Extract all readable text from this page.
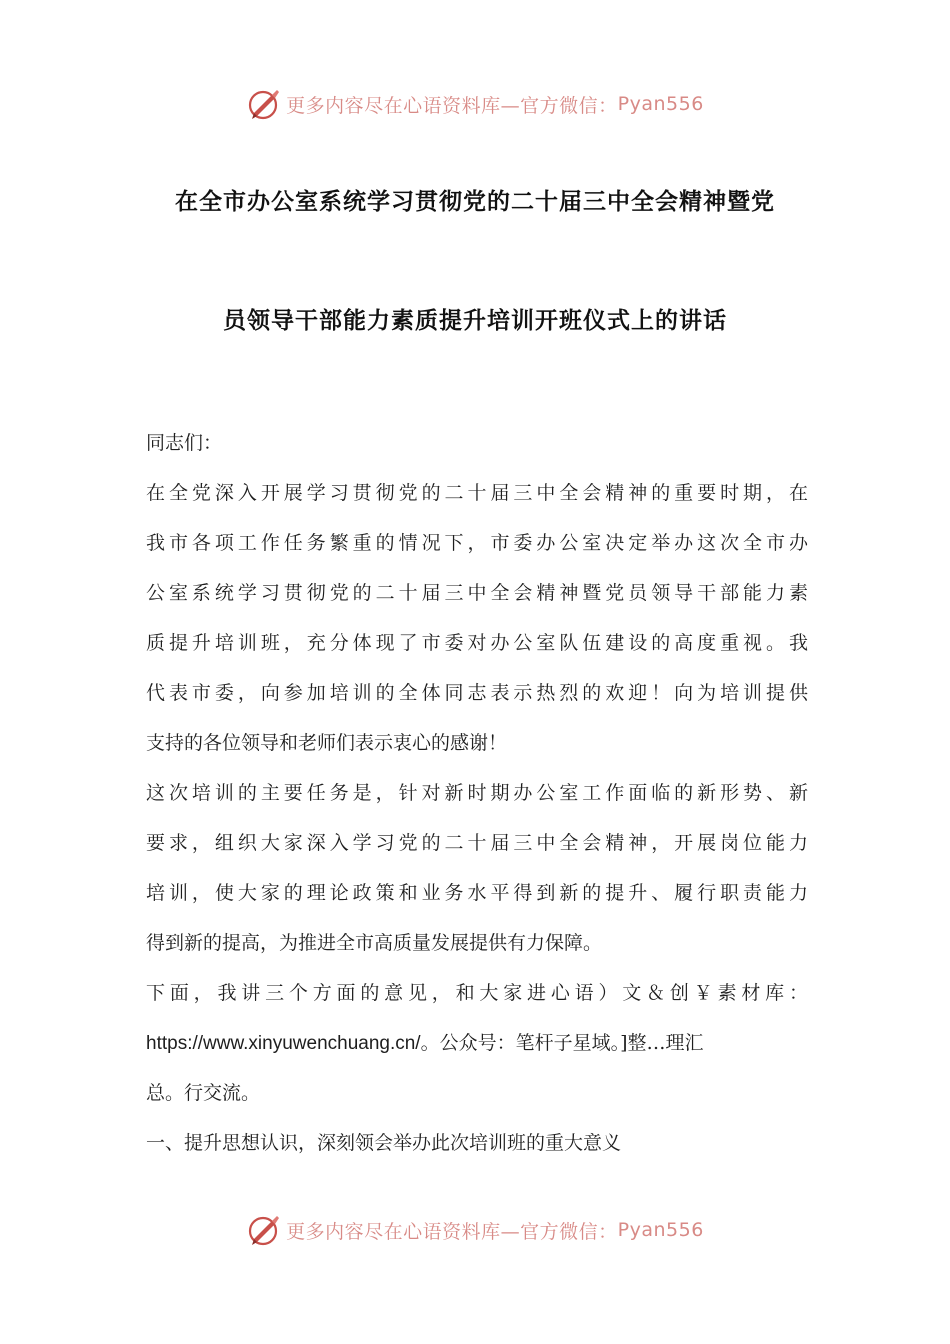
更多内容尽在心语资料库—官方微信： Pyan556
在全市办公室系统学习贯彻党的二十届三中全会精神暨党
员领导干部能力素质提升培训开班仪式上的讲话
同志们：
在全党深入开展学习贯彻党的二十届三中全会精神的重要时期，在
我市各项工作任务繁重的情况下，市委办公室决定举办这次全市办
公室系统学习贯彻党的二十届三中全会精神暨党员领导干部能力素
质提升培训班，充分体现了市委对办公室队伍建设的高度重视。我
代表市委，向参加培训的全体同志表示热烈的欢迎！向为培训提供
支持的各位领导和老师们表示衷心的感谢！
这次培训的主要任务是，针对新时期办公室工作面临的新形势、新
要求，组织大家深入学习党的二十届三中全会精神，开展岗位能力
培训，使大家的理论政策和业务水平得到新的提升、履行职责能力
得到新的提高，为推进全市高质量发展提供有力保障。
下面，我讲三个方面的意见，和大家进心语）文＆创￥素材库：
https://www.xinyuwenchuang.cn/。公众号：笔杆子星域。]整…理汇
总。行交流。
一、提升思想认识，深刻领会举办此次培训班的重大意义
更多内容尽在心语资料库—官方微信： Pyan556
